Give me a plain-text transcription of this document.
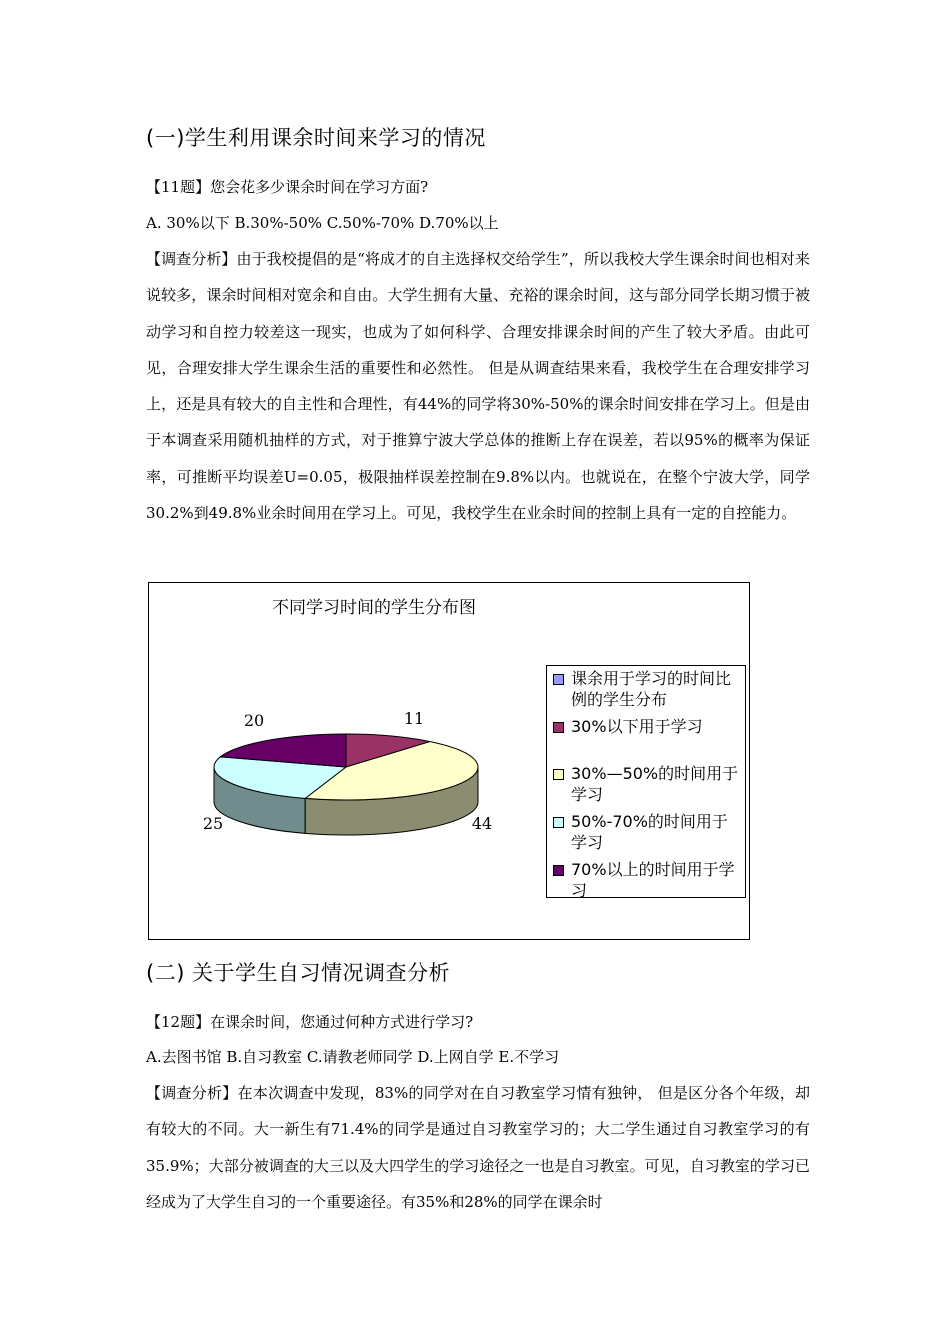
(一)学生利用课余时间来学习的情况
【11题】您会花多少课余时间在学习方面?
A. 30%以下 B.30%-50% C.50%-70% D.70%以上
【调查分析】由于我校提倡的是“将成才的自主选择权交给学生”，所以我校大学生课余时间也相对来说较多，课余时间相对宽余和自由。大学生拥有大量、充裕的课余时间，这与部分同学长期习惯于被动学习和自控力较差这一现实，也成为了如何科学、合理安排课余时间的产生了较大矛盾。由此可见，合理安排大学生课余生活的重要性和必然性。 但是从调查结果来看，我校学生在合理安排学习上，还是具有较大的自主性和合理性，有44%的同学将30%-50%的课余时间安排在学习上。但是由于本调查采用随机抽样的方式，对于推算宁波大学总体的推断上存在误差，若以95%的概率为保证率，可推断平均误差U=0.05，极限抽样误差控制在9.8%以内。也就说在，在整个宁波大学，同学30.2%到49.8%业余时间用在学习上。可见，我校学生在业余时间的控制上具有一定的自控能力。
不同学习时间的学生分布图
11
44
25
20
课余用于学习的时间比例的学生分布
30%以下用于学习
30%—50%的时间用于学习
50%-70%的时间用于学习
70%以上的时间用于学习
(二) 关于学生自习情况调查分析
【12题】在课余时间，您通过何种方式进行学习?
A.去图书馆 B.自习教室 C.请教老师同学 D.上网自学 E.不学习
【调查分析】在本次调查中发现，83%的同学对在自习教室学习情有独钟， 但是区分各个年级，却有较大的不同。大一新生有71.4%的同学是通过自习教室学习的；大二学生通过自习教室学习的有35.9%；大部分被调查的大三以及大四学生的学习途径之一也是自习教室。可见，自习教室的学习已经成为了大学生自习的一个重要途径。有35%和28%的同学在课余时
